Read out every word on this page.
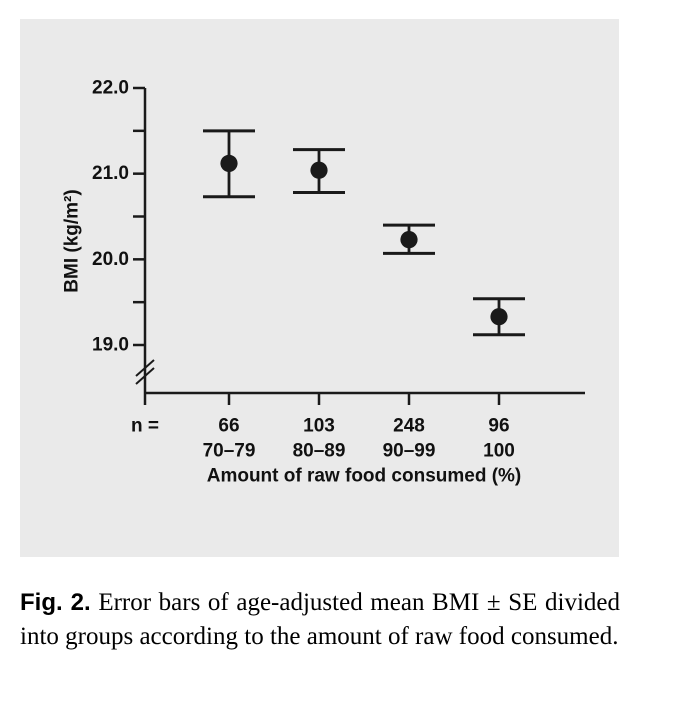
22.0
21.0
20.0
19.0
BMI (kg/m²)
n =	66
70–79
103
80–89
248
90–99
96
100
Amount of raw food consumed (%)

Fig. 2. Error bars of age-adjusted mean BMI ± SE divided into groups according to the amount of raw food consumed.
